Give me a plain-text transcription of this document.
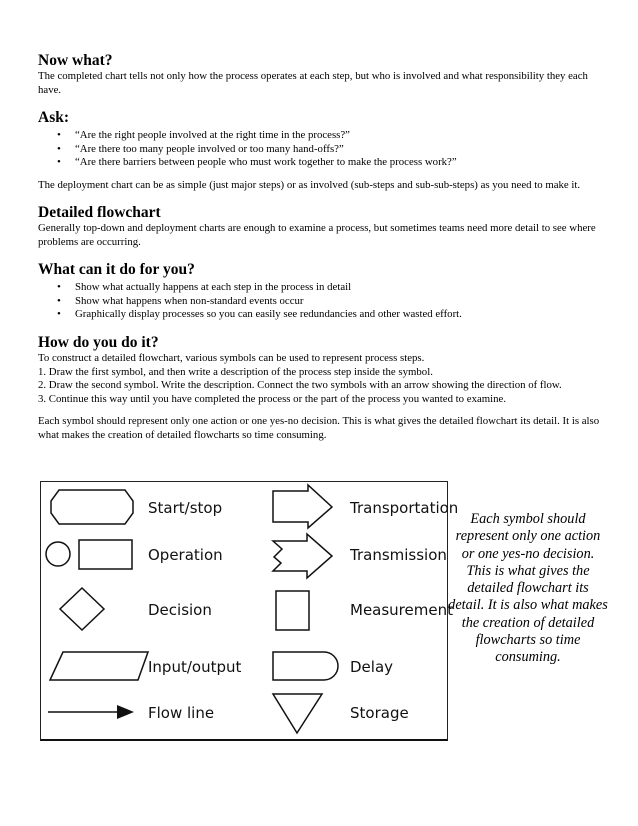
Now what?

The completed chart tells not only how the process operates at each step, but who is involved and what responsibility they each have.

Ask:
• “Are the right people involved at the right time in the process?”
• “Are there too many people involved or too many hand-offs?”
• “Are there barriers between people who must work together to make the process work?”

The deployment chart can be as simple (just major steps) or as involved (sub-steps and sub-sub-steps) as you need to make it.

Detailed flowchart

Generally top-down and deployment charts are enough to examine a process, but sometimes teams need more detail to see where problems are occurring.

What can it do for you?
• Show what actually happens at each step in the process in detail
• Show what happens when non-standard events occur
• Graphically display processes so you can easily see redundancies and other wasted effort.
How do you do it?

To construct a detailed flowchart, various symbols can be used to represent process steps.

1. Draw the first symbol, and then write a description of the process step inside the symbol.

2. Draw the second symbol. Write the description. Connect the two symbols with an arrow showing the direction of flow.

3. Continue this way until you have completed the process or the part of the process you wanted to examine.

Each symbol should represent only one action or one yes-no decision. This is what gives the detailed flowchart its detail. It is also what makes the creation of detailed flowcharts so time consuming.

Start/stop
Operation
Decision
Input/output
Flow line
Transportation
Transmission
Measurement
Delay
Storage
Each symbol should represent only one action or one yes-no decision. This is what gives the detailed flowchart its detail. It is also what makes the creation of detailed flowcharts so time consuming.
